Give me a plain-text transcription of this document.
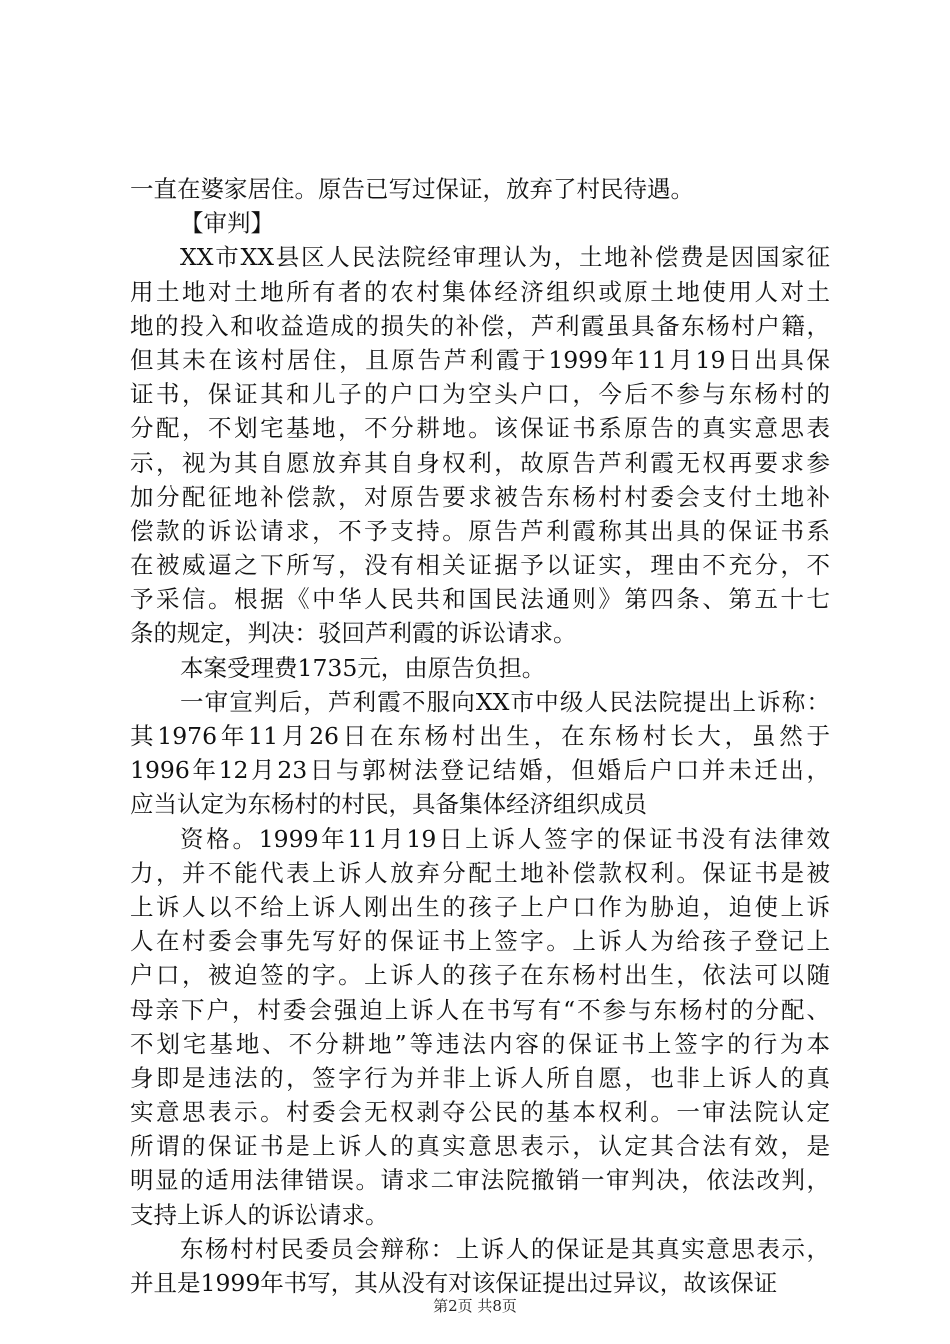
一直在婆家居住。原告已写过保证，放弃了村民待遇。
【审判】
XX市XX县区人民法院经审理认为，土地补偿费是因国家征
用土地对土地所有者的农村集体经济组织或原土地使用人对土
地的投入和收益造成的损失的补偿，芦利霞虽具备东杨村户籍，
但其未在该村居住，且原告芦利霞于1999年11月19日出具保
证书，保证其和儿子的户口为空头户口，今后不参与东杨村的
分配，不划宅基地，不分耕地。该保证书系原告的真实意思表
示，视为其自愿放弃其自身权利，故原告芦利霞无权再要求参
加分配征地补偿款，对原告要求被告东杨村村委会支付土地补
偿款的诉讼请求，不予支持。原告芦利霞称其出具的保证书系
在被威逼之下所写，没有相关证据予以证实，理由不充分，不
予采信。根据《中华人民共和国民法通则》第四条、第五十七
条的规定，判决：驳回芦利霞的诉讼请求。
本案受理费1735元，由原告负担。
一审宣判后，芦利霞不服向XX市中级人民法院提出上诉称：
其1976年11月26日在东杨村出生，在东杨村长大，虽然于
1996年12月23日与郭树法登记结婚，但婚后户口并未迁出，
应当认定为东杨村的村民，具备集体经济组织成员
资格。1999年11月19日上诉人签字的保证书没有法律效
力，并不能代表上诉人放弃分配土地补偿款权利。保证书是被
上诉人以不给上诉人刚出生的孩子上户口作为胁迫，迫使上诉
人在村委会事先写好的保证书上签字。上诉人为给孩子登记上
户口，被迫签的字。上诉人的孩子在东杨村出生，依法可以随
母亲下户，村委会强迫上诉人在书写有“不参与东杨村的分配、
不划宅基地、不分耕地”等违法内容的保证书上签字的行为本
身即是违法的，签字行为并非上诉人所自愿，也非上诉人的真
实意思表示。村委会无权剥夺公民的基本权利。一审法院认定
所谓的保证书是上诉人的真实意思表示，认定其合法有效，是
明显的适用法律错误。请求二审法院撤销一审判决，依法改判，
支持上诉人的诉讼请求。
东杨村村民委员会辩称：上诉人的保证是其真实意思表示，
并且是1999年书写，其从没有对该保证提出过异议，故该保证
第2页 共8页
